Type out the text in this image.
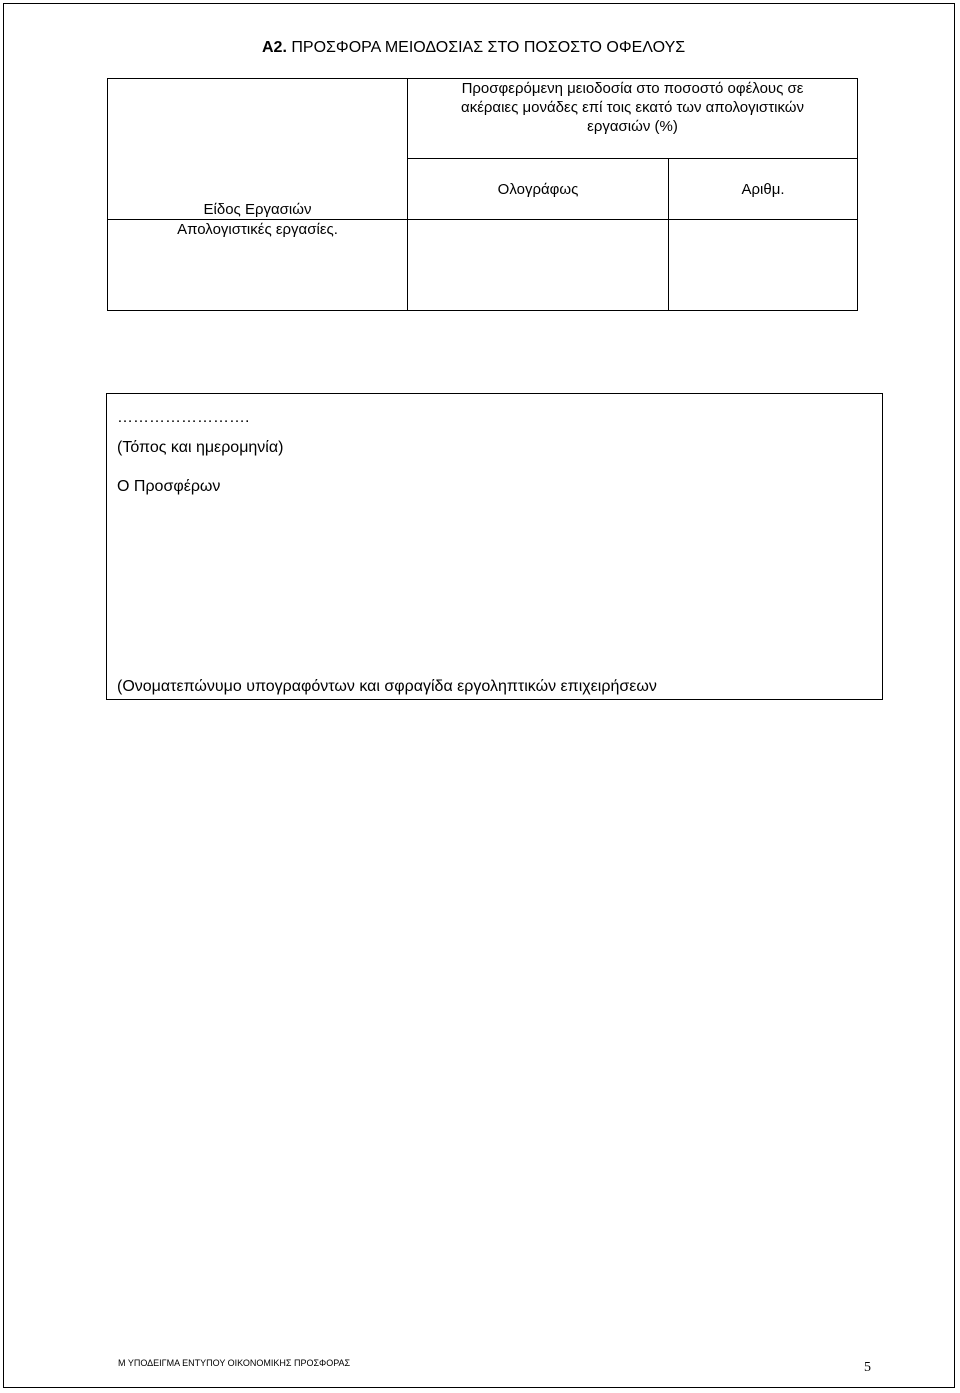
Α2. ΠΡΟΣΦΟΡΑ ΜΕΙΟΔΟΣΙΑΣ ΣΤΟ ΠΟΣΟΣΤΟ ΟΦΕΛΟΥΣ
Είδος Εργασιών	Προσφερόμενη μειοδοσία στο ποσοστό οφέλους σε
ακέραιες μονάδες επί τοις εκατό των απολογιστικών
εργασιών (%)	

	Ολογράφως	Αριθμ.
Απολογιστικές εργασίες.		
…………………….
(Τόπος και ημερομηνία)
Ο Προσφέρων
(Ονοματεπώνυμο υπογραφόντων και σφραγίδα εργοληπτικών επιχειρήσεων
Μ ΥΠΟΔΕΙΓΜΑ ΕΝΤΥΠΟΥ ΟΙΚΟΝΟΜΙΚΗΣ ΠΡΟΣΦΟΡΑΣ	5
